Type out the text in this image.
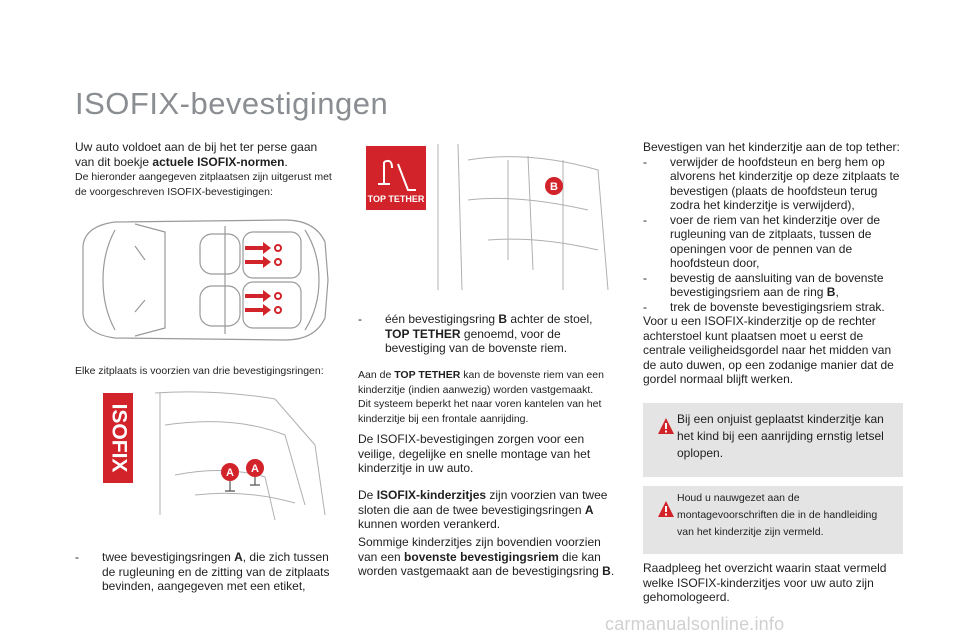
ISOFIX-bevestigingen
Uw auto voldoet aan de bij het ter perse gaan van dit boekje actuele ISOFIX-normen.
De hieronder aangegeven zitplaatsen zijn uitgerust met de voorgeschreven ISOFIX-bevestigingen:
Elke zitplaats is voorzien van drie bevestigingsringen:
ISOFIX
A A
- twee bevestigingsringen A, die zich tussen de rugleuning en de zitting van de zitplaats bevinden, aangegeven met een etiket,
TOP TETHER
B
- één bevestigingsring B achter de stoel, TOP TETHER genoemd, voor de bevestiging van de bovenste riem.
Aan de TOP TETHER kan de bovenste riem van een kinderzitje (indien aanwezig) worden vastgemaakt.
Dit systeem beperkt het naar voren kantelen van het kinderzitje bij een frontale aanrijding.
De ISOFIX-bevestigingen zorgen voor een veilige, degelijke en snelle montage van het kinderzitje in uw auto.
De ISOFIX-kinderzitjes zijn voorzien van twee sloten die aan de twee bevestigingsringen A kunnen worden verankerd.
Sommige kinderzitjes zijn bovendien voorzien van een bovenste bevestigingsriem die kan worden vastgemaakt aan de bevestigingsring B.
Bevestigen van het kinderzitje aan de top tether:
- verwijder de hoofdsteun en berg hem op alvorens het kinderzitje op deze zitplaats te bevestigen (plaats de hoofdsteun terug zodra het kinderzitje is verwijderd),
- voer de riem van het kinderzitje over de rugleuning van de zitplaats, tussen de openingen voor de pennen van de hoofdsteun door,
- bevestig de aansluiting van de bovenste bevestigingsriem aan de ring B,
- trek de bovenste bevestigingsriem strak.
Voor u een ISOFIX-kinderzitje op de rechter achterstoel kunt plaatsen moet u eerst de centrale veiligheidsgordel naar het midden van de auto duwen, op een zodanige manier dat de gordel normaal blijft werken.
Bij een onjuist geplaatst kinderzitje kan het kind bij een aanrijding ernstig letsel oplopen.
Houd u nauwgezet aan de montagevoorschriften die in de handleiding van het kinderzitje zijn vermeld.
Raadpleeg het overzicht waarin staat vermeld welke ISOFIX-kinderzitjes voor uw auto zijn gehomologeerd.
carmanualsonline.info
